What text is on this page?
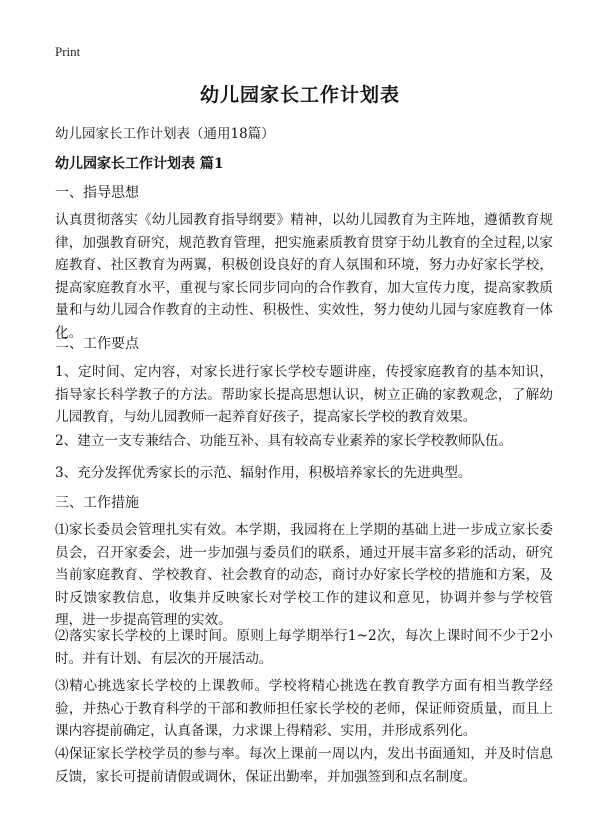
Print
幼儿园家长工作计划表

幼儿园家长工作计划表（通用18篇）

幼儿园家长工作计划表 篇1

一、指导思想

认真贯彻落实《幼儿园教育指导纲要》精神，以幼儿园教育为主阵地，遵循教育规律，加强教育研究，规范教育管理，把实施素质教育贯穿于幼儿教育的全过程,以家庭教育、社区教育为两翼，积极创设良好的育人氛围和环境，努力办好家长学校，提高家庭教育水平，重视与家长同步同向的合作教育，加大宣传力度，提高家教质量和与幼儿园合作教育的主动性、积极性、实效性，努力使幼儿园与家庭教育一体化。

二、工作要点

1、定时间、定内容，对家长进行家长学校专题讲座，传授家庭教育的基本知识，指导家长科学教子的方法。帮助家长提高思想认识，树立正确的家教观念，了解幼儿园教育，与幼儿园教师一起养育好孩子，提高家长学校的教育效果。

2、建立一支专兼结合、功能互补、具有较高专业素养的家长学校教师队伍。

3、充分发挥优秀家长的示范、辐射作用，积极培养家长的先进典型。

三、工作措施

⑴家长委员会管理扎实有效。本学期，我园将在上学期的基础上进一步成立家长委员会，召开家委会，进一步加强与委员们的联系，通过开展丰富多彩的活动，研究当前家庭教育、学校教育、社会教育的动态，商讨办好家长学校的措施和方案，及时反馈家教信息，收集并反映家长对学校工作的建议和意见，协调并参与学校管理，进一步提高管理的实效。

⑵落实家长学校的上课时间。原则上每学期举行1~2次，每次上课时间不少于2小时。并有计划、有层次的开展活动。

⑶精心挑选家长学校的上课教师。学校将精心挑选在教育教学方面有相当教学经验，并热心于教育科学的干部和教师担任家长学校的老师，保证师资质量，而且上课内容提前确定，认真备课，力求课上得精彩、实用，并形成系列化。

⑷保证家长学校学员的参与率。每次上课前一周以内，发出书面通知，并及时信息反馈，家长可提前请假或调休，保证出勤率，并加强签到和点名制度。
